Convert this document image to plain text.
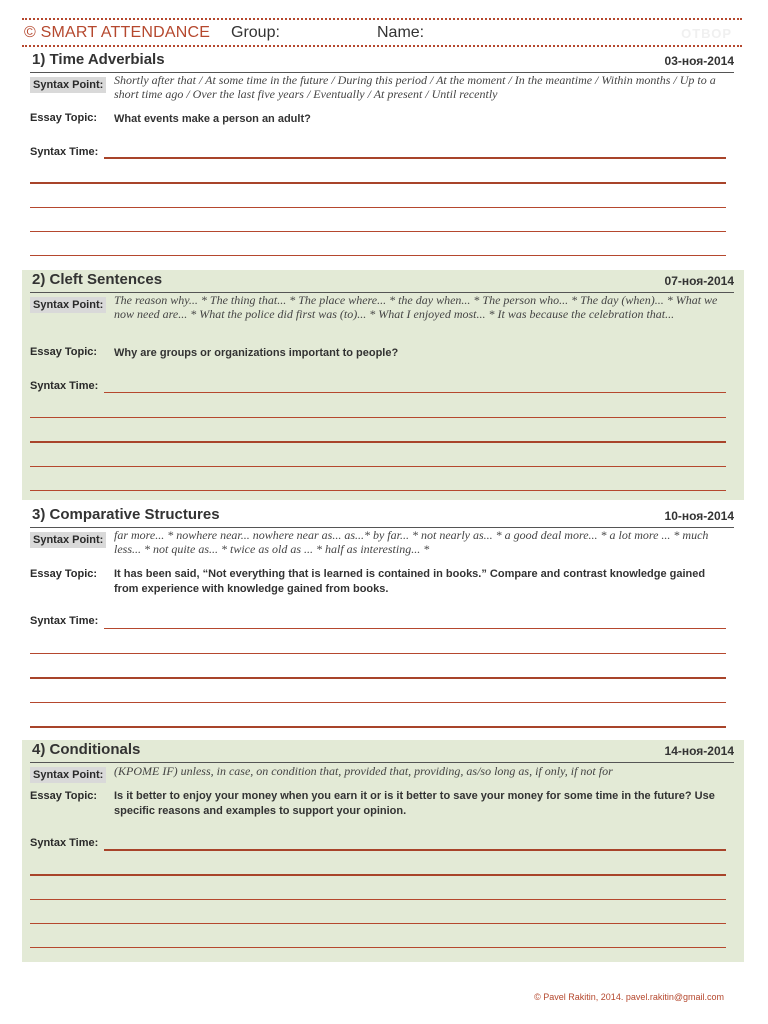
© SMART ATTENDANCE Group:	Name:	ОТВОР
1) Time Adverbials	03-ноя-2014
Syntax Point: Shortly after that / At some time in the future / During this period / At the moment / In the meantime / Within months / Up to a short time ago / Over the last five years / Eventually / At present / Until recently
Essay Topic: What events make a person an adult?
Syntax Time:
2) Cleft Sentences	07-ноя-2014
Syntax Point: The reason why... * The thing that... * The place where... * the day when... * The person who... * The day (when)... * What we now need are... * What the police did first was (to)... * What I enjoyed most... * It was because the celebration that...
Essay Topic: Why are groups or organizations important to people?
Syntax Time:
3) Comparative Structures	10-ноя-2014
Syntax Point: far more... * nowhere near... nowhere near as... as...* by far... * not nearly as... * a good deal more... * a lot more ... * much less... * not quite as... * twice as old as ... * half as interesting... *
Essay Topic: It has been said, “Not everything that is learned is contained in books.” Compare and contrast knowledge gained from experience with knowledge gained from books.
Syntax Time:
4) Conditionals	14-ноя-2014
Syntax Point: (KPOME IF) unless, in case, on condition that, provided that, providing, as/so long as, if only, if not for
Essay Topic: Is it better to enjoy your money when you earn it or is it better to save your money for some time in the future? Use specific reasons and examples to support your opinion.
Syntax Time:
© Pavel Rakitin, 2014. pavel.rakitin@gmail.com
